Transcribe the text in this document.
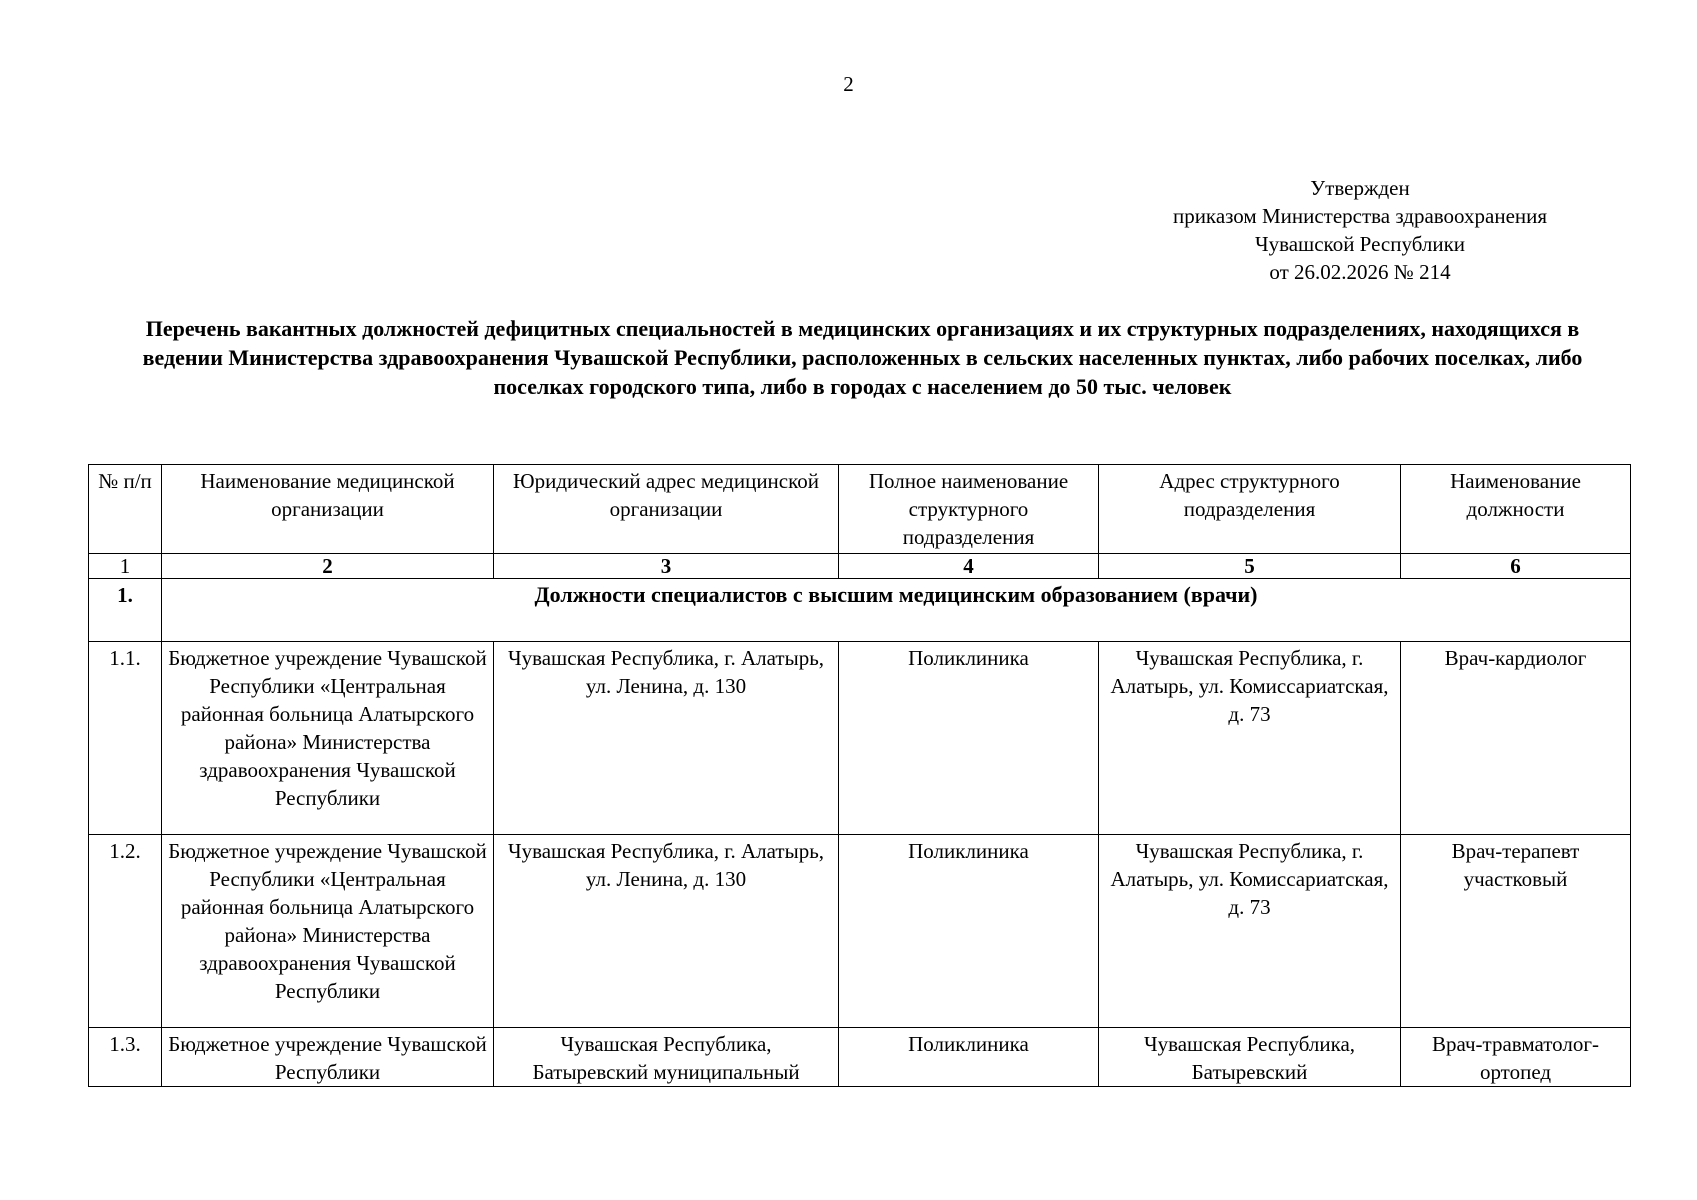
2
Утвержден
приказом Министерства здравоохранения
Чувашской Республики
от 26.02.2026 № 214
Перечень вакантных должностей дефицитных специальностей в медицинских организациях и их структурных подразделениях, находящихся в ведении Министерства здравоохранения Чувашской Республики, расположенных в сельских населенных пунктах, либо рабочих поселках, либо поселках городского типа, либо в городах с населением до 50 тыс. человек
№ п/п	Наименование медицинской организации	Юридический адрес медицинской организации	Полное наименование структурного подразделения	Адрес структурного подразделения	Наименование должности
1	2	3	4	5	6
1.	Должности специалистов с высшим медицинским образованием (врачи)				
1.1.	Бюджетное учреждение Чувашской Республики «Центральная районная больница Алатырского района» Министерства здравоохранения Чувашской Республики	Чувашская Республика, г. Алатырь, ул. Ленина, д. 130	Поликлиника	Чувашская Республика, г. Алатырь, ул. Комиссариатская, д. 73	Врач-кардиолог
1.2.	Бюджетное учреждение Чувашской Республики «Центральная районная больница Алатырского района» Министерства здравоохранения Чувашской Республики	Чувашская Республика, г. Алатырь, ул. Ленина, д. 130	Поликлиника	Чувашская Республика, г. Алатырь, ул. Комиссариатская, д. 73	Врач-терапевт участковый

1.3.	Бюджетное учреждение Чувашской Республики	Чувашская Республика, Батыревский муниципальный	Поликлиника	Чувашская Республика, Батыревский	Врач-травматолог-ортопед
